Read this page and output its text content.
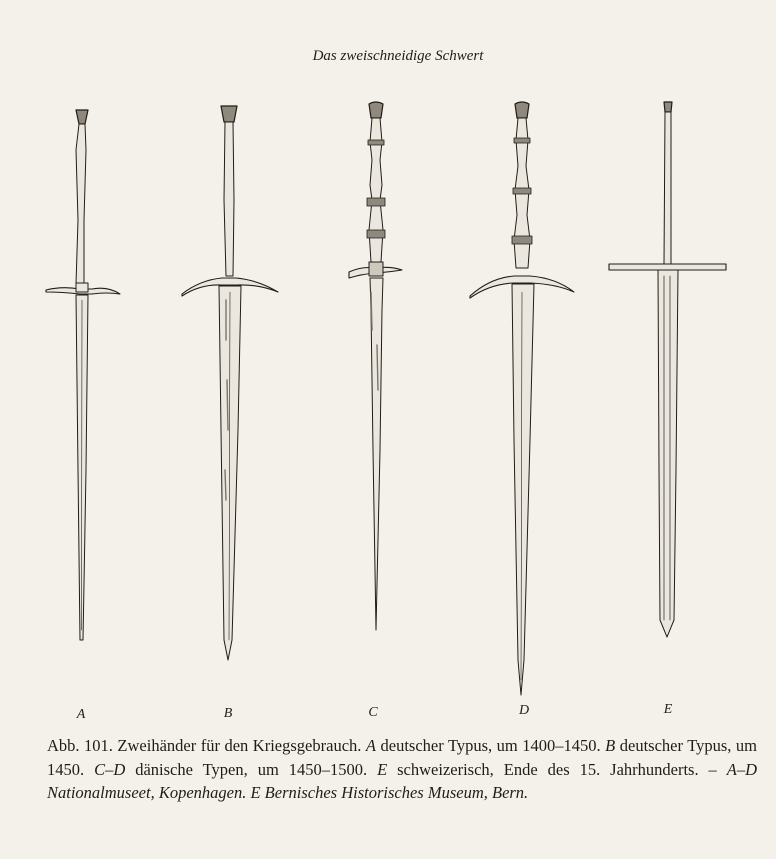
Das zweischneidige Schwert
A	B	C	D	E
Abb. 101. Zweihänder für den Kriegsgebrauch. A deutscher Typus, um 1400–1450. B deutscher Typus, um 1450. C–D dänische Typen, um 1450–1500. E schweizerisch, Ende des 15. Jahrhunderts. – A–D Nationalmuseet, Kopenhagen. E Bernisches Historisches Museum, Bern.
